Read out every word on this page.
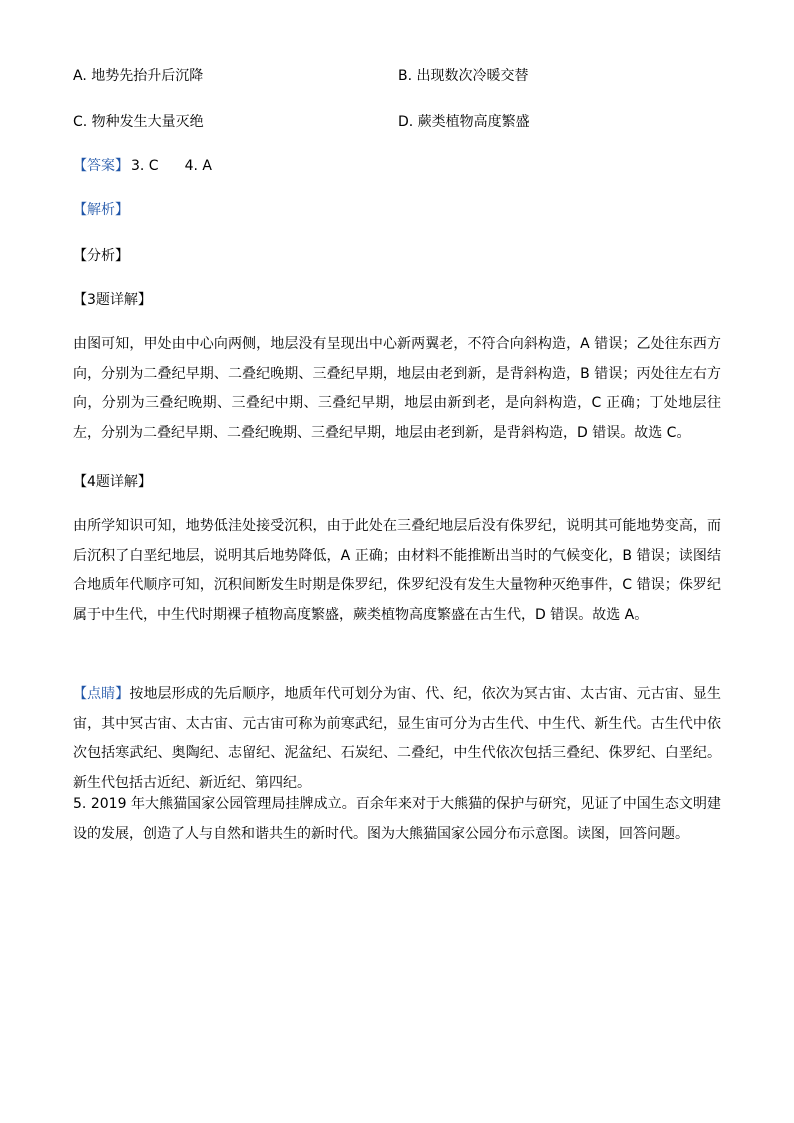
A. 地势先抬升后沉降	B. 出现数次冷暖交替
C. 物种发生大量灭绝	D. 蕨类植物高度繁盛
【答案】 3. C 4. A
【解析】
【分析】
【3题详解】
由图可知，甲处由中心向两侧，地层没有呈现出中心新两翼老，不符合向斜构造，A 错误；乙处往东西方向，分别为二叠纪早期、二叠纪晚期、三叠纪早期，地层由老到新，是背斜构造，B 错误；丙处往左右方向，分别为三叠纪晚期、三叠纪中期、三叠纪早期，地层由新到老，是向斜构造，C 正确；丁处地层往左，分别为二叠纪早期、二叠纪晚期、三叠纪早期，地层由老到新，是背斜构造，D 错误。故选 C。
【4题详解】
由所学知识可知，地势低洼处接受沉积，由于此处在三叠纪地层后没有侏罗纪，说明其可能地势变高，而后沉积了白垩纪地层，说明其后地势降低，A 正确；由材料不能推断出当时的气候变化，B 错误；读图结合地质年代顺序可知，沉积间断发生时期是侏罗纪，侏罗纪没有发生大量物种灭绝事件，C 错误；侏罗纪属于中生代，中生代时期裸子植物高度繁盛，蕨类植物高度繁盛在古生代，D 错误。故选 A。
【点睛】按地层形成的先后顺序，地质年代可划分为宙、代、纪，依次为冥古宙、太古宙、元古宙、显生宙，其中冥古宙、太古宙、元古宙可称为前寒武纪，显生宙可分为古生代、中生代、新生代。古生代中依次包括寒武纪、奥陶纪、志留纪、泥盆纪、石炭纪、二叠纪，中生代依次包括三叠纪、侏罗纪、白垩纪。新生代包括古近纪、新近纪、第四纪。
5. 2019 年大熊猫国家公园管理局挂牌成立。百余年来对于大熊猫的保护与研究，见证了中国生态文明建设的发展，创造了人与自然和谐共生的新时代。图为大熊猫国家公园分布示意图。读图，回答问题。
